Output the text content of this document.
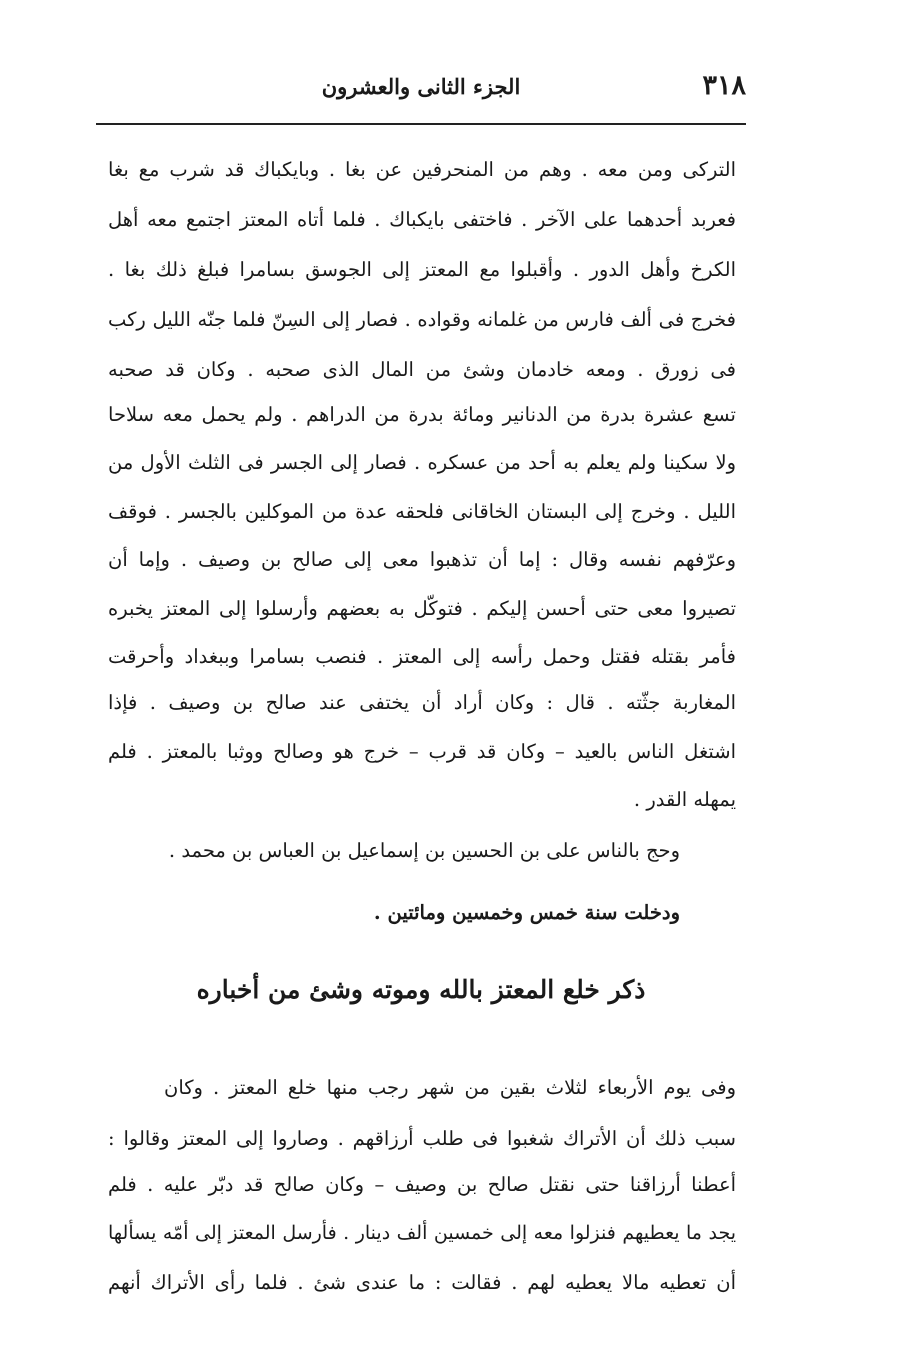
٣١٨
الجزء الثانى والعشرون
التركى ومن معه . وهم من المنحرفين عن بغا . وبايكباك قد شرب مع بغا
فعربد أحدهما على الآخر . فاختفى بايكباك . فلما أتاه المعتز اجتمع معه أهل
الكرخ وأهل الدور . وأقبلوا مع المعتز إلى الجوسق بسامرا فبلغ ذلك بغا .
فخرج فى ألف فارس من غلمانه وقواده . فصار إلى السِنّ فلما جنّه الليل ركب
فى زورق . ومعه خادمان وشئ من المال الذى صحبه . وكان قد صحبه
تسع عشرة بدرة من الدنانير ومائة بدرة من الدراهم . ولم يحمل معه سلاحا
ولا سكينا ولم يعلم به أحد من عسكره . فصار إلى الجسر فى الثلث الأول من
الليل . وخرج إلى البستان الخاقانى فلحقه عدة من الموكلين بالجسر . فوقف
وعرّفهم نفسه وقال : إما أن تذهبوا معى إلى صالح بن وصيف . وإما أن
تصيروا معى حتى أحسن إليكم . فتوكّل به بعضهم وأرسلوا إلى المعتز يخبره
فأمر بقتله فقتل وحمل رأسه إلى المعتز . فنصب بسامرا وببغداد وأحرقت
المغاربة جثّته . قال : وكان أراد أن يختفى عند صالح بن وصيف . فإذا
اشتغل الناس بالعيد – وكان قد قرب – خرج هو وصالح ووثبا بالمعتز . فلم
يمهله القدر .
وحج بالناس على بن الحسين بن إسماعيل بن العباس بن محمد .
ودخلت سنة خمس وخمسين ومائتين .
ذكر خلع المعتز بالله وموته وشئ من أخباره
وفى يوم الأربعاء لثلاث بقين من شهر رجب منها خلع المعتز . وكان
سبب ذلك أن الأتراك شغبوا فى طلب أرزاقهم . وصاروا إلى المعتز وقالوا :
أعطنا أرزاقنا حتى نقتل صالح بن وصيف – وكان صالح قد دبّر عليه . فلم
يجد ما يعطيهم فنزلوا معه إلى خمسين ألف دينار . فأرسل المعتز إلى أمّه يسألها
أن تعطيه مالا يعطيه لهم . فقالت : ما عندى شئ . فلما رأى الأتراك أنهم
